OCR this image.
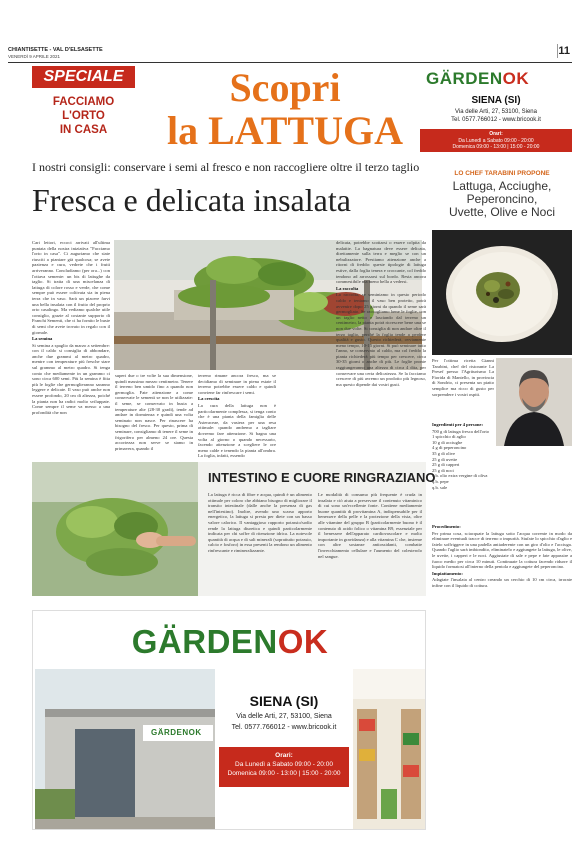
CHIANTISETTE - VAL D'ELSASETTE
VENERDÌ 9 APRILE 2021	11
SPECIALE
FACCIAMO
L'ORTO
IN CASA
Scopri
la LATTUGA
GÄRDENOK
SIENA (SI)
Via delle Arti, 27, 53100, Siena
Tel. 0577.766012 - www.bricook.it
Orari:
Da Lunedì a Sabato 09:00 - 20:00
Domenica 09:00 - 13:00 | 15:00 - 20:00
I nostri consigli: conservare i semi al fresco e non raccogliere oltre il terzo taglio
Fresca e delicata insalata
LO CHEF TARABINI PROPONE
Lattuga, Acciughe,
Peperoncino,
Uvette, Olive e Noci

Per l'ottima ricetta Gianni Tarabini, chef del ristorante La Presef presso l'Agriturismo La Fiorida di Mantello, in provincia di Sondrio, ci presenta un piatto semplice ma ricco di gusto per sorprendere i vostri ospiti.

Ingredienti per 4 persone:

700 g di lattuga fresca dell'orto
1 spicchio di aglio
10 g di acciughe
4 g di peperoncino
35 g di olive
25 g di uvette
25 g di capperi
25 g di noci
q.b. olio extra vergine di oliva
q.b. pepe
q.b. sale

Procedimento:

Per prima cosa, sciacquate la lattuga sotto l'acqua corrente in modo da eliminare eventuali tracce di terreno o impurità. Stufate lo spicchio d'aglio e fatelo soffriggere in una padella antiaderente con un giro d'olio e l'acciuga. Quando l'aglio sarà imbiondito, eliminatelo e aggiungete la lattuga, le olive, le uvette, i capperi e le noci. Aggiustate di sale e pepe e fate appassire a fuoco medio per circa 10 minuti. Continuate la cottura facendo ridurre il liquido formatosi all'interno della pentola e aggiungete del peperoncino.

Impiattamento:

Adagiate l'insalata al centro creando un cerchio di 10 cm circa, irrorate infine con il liquido di cottura.

Cari lettori, eccoci arrivati all'ultima puntata della nostra iniziativa "Facciamo l'orto in casa". Ci auguriamo che siate riusciti a piantare già qualcosa; se avete pazienza e cura, vedrete che i frutti arriveranno. Concludiamo (per ora...) con l'ottava semente: un bis di lattughe da taglio. Si tratta di una miscelanza di lattuga di colore rosso e verde, che come sempre può essere coltivata sia in piena terra che in vaso. Sarà un piacere farvi una bella insalata con il frutto del proprio orto casalingo. Ma vediamo qualche utile consiglio, grazie al costante supporto di Franchi Sementi, che ci ha fornito le buste di semi che avete trovato in regalo con il giornale.

La semina

Si semina a spaglio da marzo a settembre: con il caldo si consiglia di abbondare, anche due grammi al metro quadro, mentre con temperature più fresche stare sul grammo al metro quadro. Si tenga conto che mediamente in un grammo ci sono circa 600 semi. Più la semina è fitta più le foglie che germoglieranno saranno leggere e delicate. Il vaso può anche non essere profondo, 20 cm di altezza, poiché la pianta non ha radici molto sviluppate. Come sempre il seme va messo a una profondità che non

superi due o tre volte la sua dimensione, quindi massimo mezzo centimetro. Tenere il terreno ben umido fino a quando non germoglia. Fate attenzione a come conservate le sementi se non le utilizzate: il seme, se conservato in busta a temperature alte (28-30 gradi), tende ad andare in dormienza e quindi una volta seminato non nasce. Per rinascere ha bisogno del fresco. Per questo, prima di seminare, consigliamo di tenere il seme in frigorifero per almeno 24 ore. Questa accortezza non serve se siamo in primavera, quando il

terreno rimane ancora fresco, ma se decidiamo di seminare in piena estate il terreno potrebbe essere caldo e quindi conviene far rinfrescare i semi.

La crescita

La cura della lattuga non è particolarmente complessa, si tenga conto che è una pianta della famiglia delle Asteraceae, da vasiera per una resa ottimale: quando andremo a tagliare dovremo fare attenzione. Si bagna una volta al giorno o quando necessario, facendo attenzione a scegliere le ore meno calde e tenendo la pianta all'ombra. La foglia, infatti, essendo

delicata, potrebbe scottarsi o essere colpita da malattie. La bagnatura deve essere delicata, direttamente sulla terra e meglio se con un nebulizzatore. Prestiamo attenzione anche a ritorni di freddo: queste tipologie di lattuga estive, dalla foglia tenera e croccante, col freddo tendono ad arrossarsi sul bordo. Resta ancora commestibile ma meno bella a vedersi.

La raccolta

La raccolta, se seminiamo in questo periodo caldo e teniamo il vaso ben protetto, potrà avvenire dopo 25 giorni da quando il seme sarà germogliato. Se raccogliamo bene le foglie, con un taglio netto e lasciando dal terreno un centimetro, la pianta potrà ricrescere bene una se non due volte. Si consiglia di non andare oltre il terzo taglio, perché la foglia tende a perdere qualità e gusto. Questo richiederà, ovviamente meno tempo, 10-15 giorni. Si può seminare tutto l'anno, se conservato al caldo, ma col freddo la pianta richiederà più tempo per crescere, circa 30-35 giorni o anche di più. Le foglie pronte raggiungeranno una altezza di circa 4 dita, per conservare una certa delicatezza. Se la facciamo crescere di più avremo un prodotto più legnoso, ma questo dipende dai vostri gusti.

INTESTINO E CUORE RINGRAZIANO

La lattuga è ricca di fibre e acqua, quindi è un alimento ottimale per coloro che abbiano bisogno di migliorare il transito intestinale (dalle anche la presenza di gas nell'intestino). Inoltre, avendo uno scarso apporto energetico, la lattuga si presta per diete con un basso valore calorico. Il vantaggioso rapporto potassio/sodio rende la lattuga diuretica e quindi particolarmente indicata per chi soffre di ritenzione idrica. La notevole quantità di acqua e di sali minerali (soprattutto potassio, calcio e fosforo) in essa presenti la rendono un alimento rinfrescante e rimineralizzante.

Le modalità di consumo più frequente è cruda in insalata e ciò aiuta a preservare il contenuto vitaminico di cui sono un'eccellente fonte. Contiene mediamente buone quantità di provitamina A, indispensabile per il benessere della pelle e la protezione della vista, oltre alle vitamine del gruppo B (particolarmente buono è il contenuto di acido folico o vitamina B9, essenziale per il benessere dell'apparato cardiovascolare e molto importante in gravidanza) e alla vitamina C che, insieme con altre sostanze antiossidanti, combatte l'invecchiamento cellulare e l'aumento del colesterolo nel sangue.

GÄRDENOK
GÄRDENOK
SIENA (SI)
Via delle Arti, 27, 53100, Siena
Tel. 0577.766012 - www.bricook.it
Orari:
Da Lunedì a Sabato 09:00 - 20:00
Domenica 09:00 - 13:00 | 15:00 - 20:00
